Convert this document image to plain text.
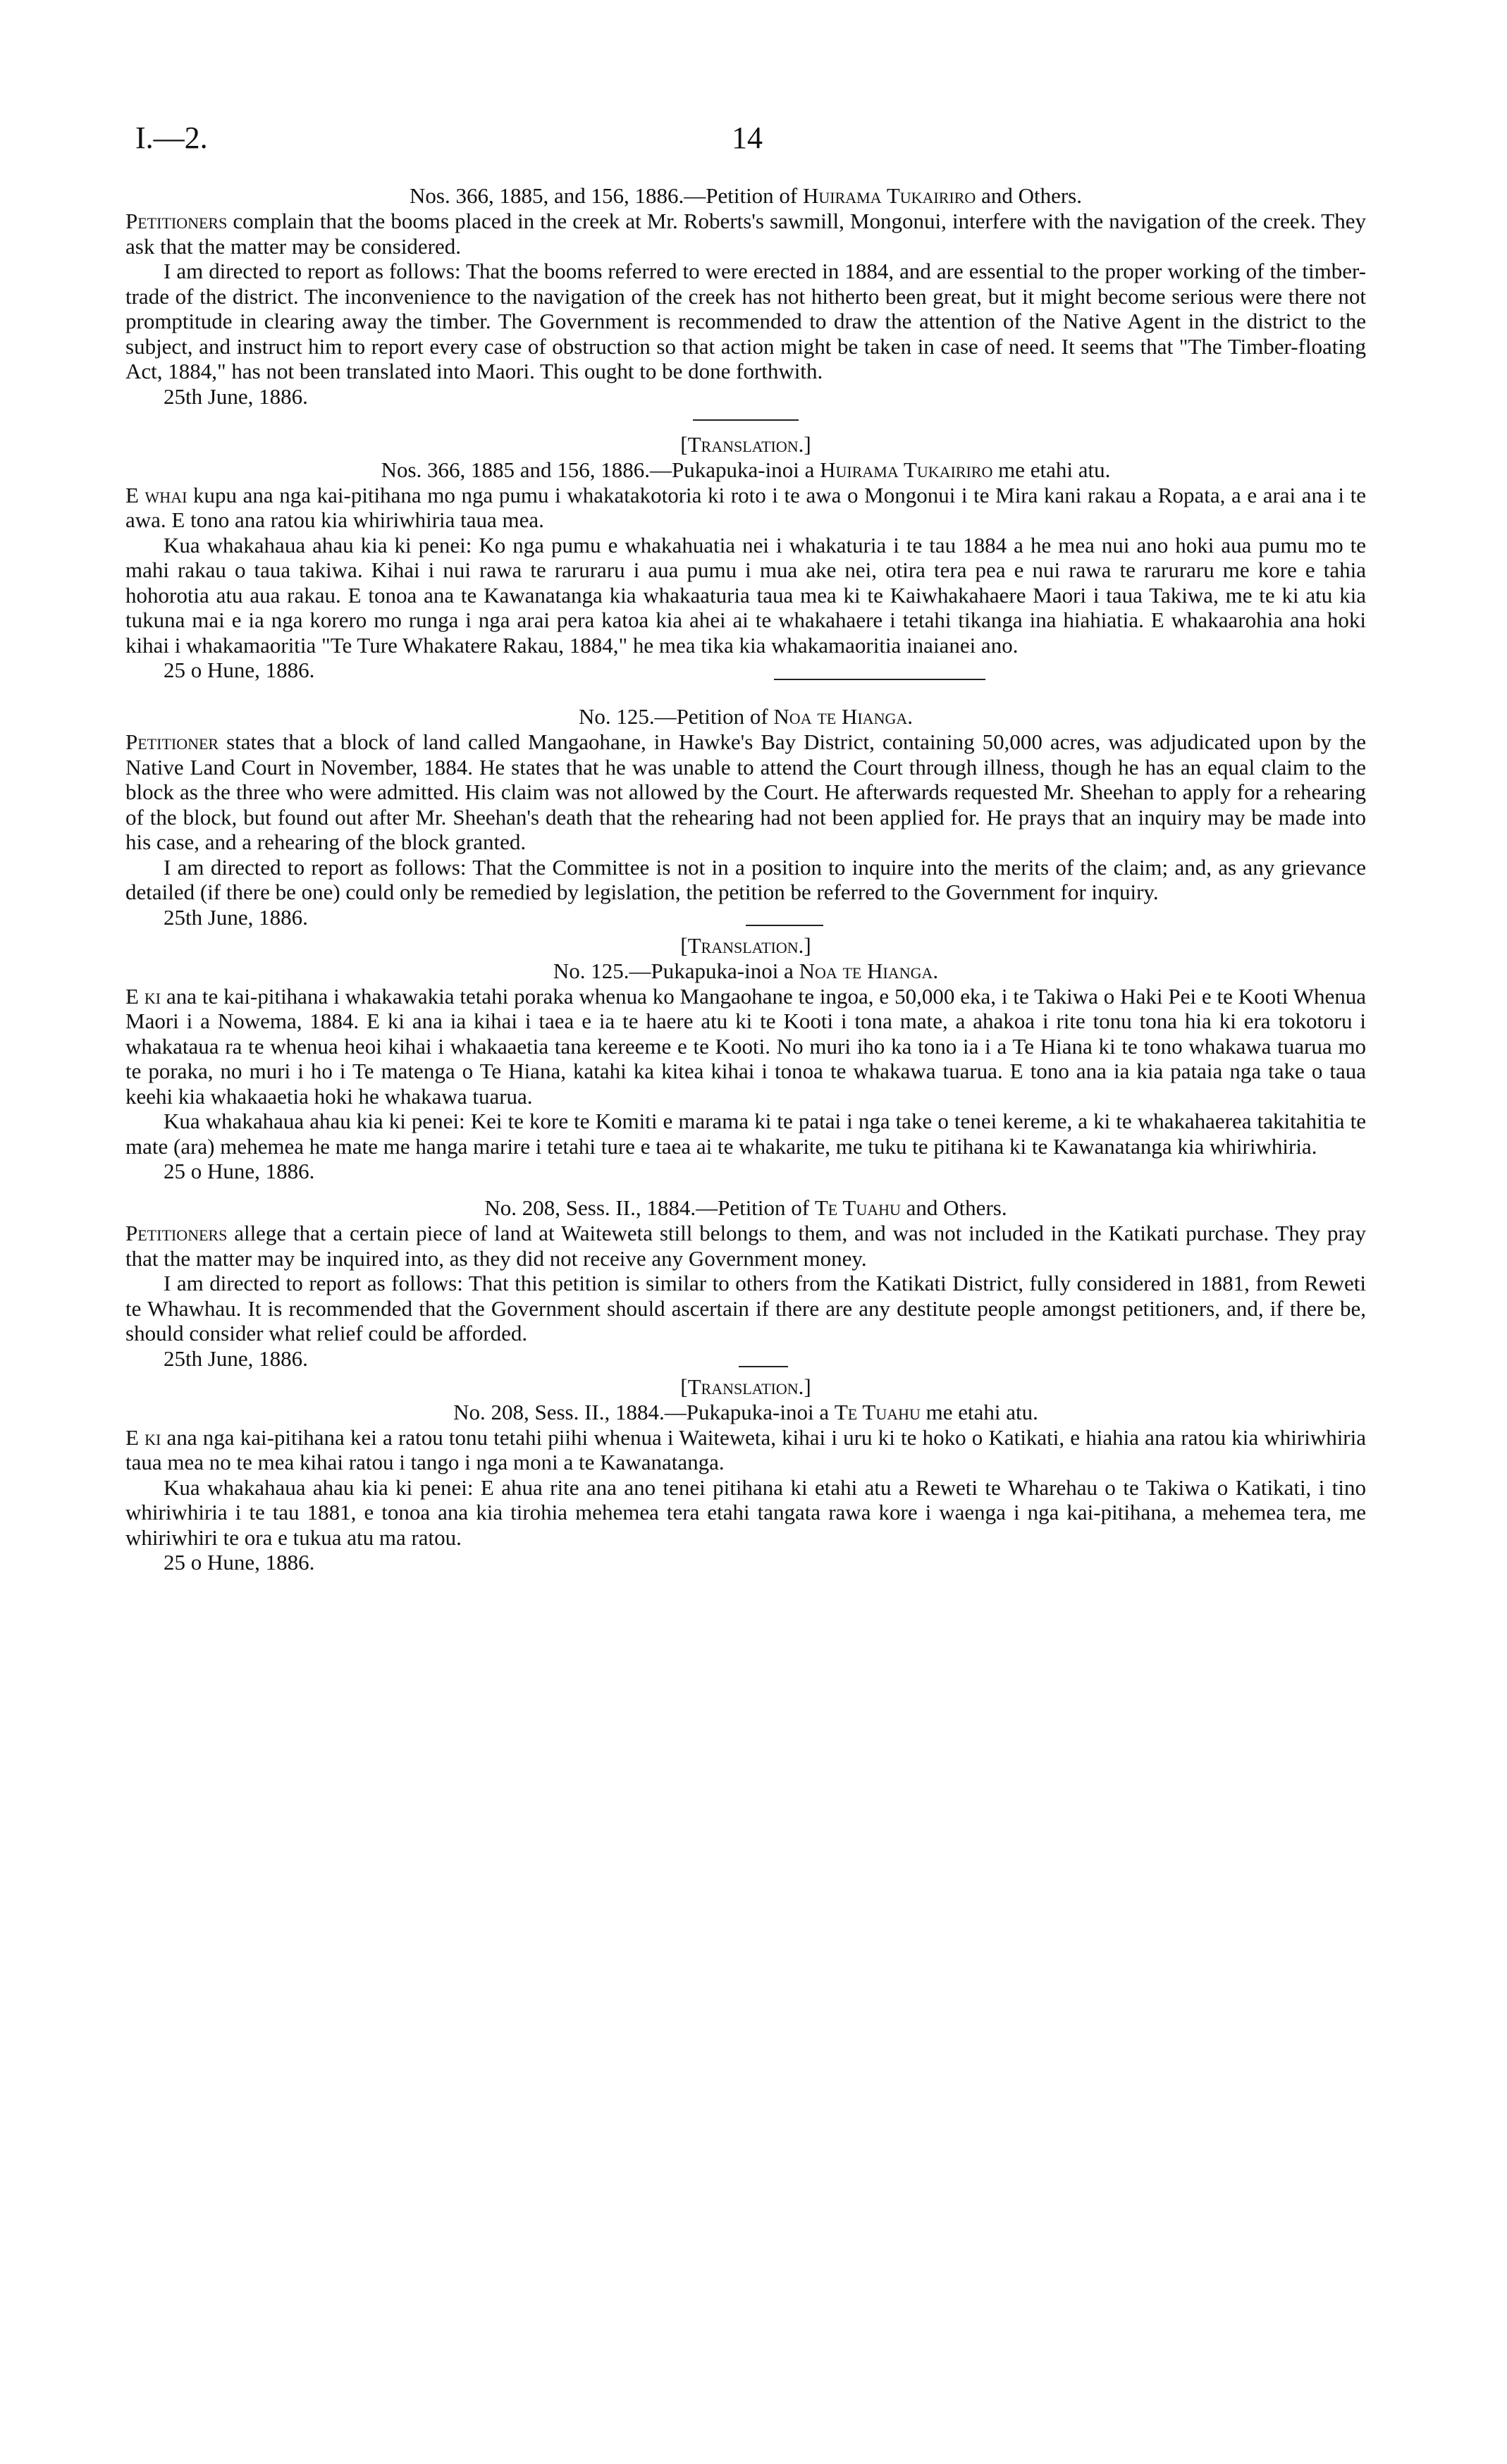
I.—2.	14
Nos. 366, 1885, and 156, 1886.—Petition of Huirama Tukairiro and Others.

Petitioners complain that the booms placed in the creek at Mr. Roberts's sawmill, Mongonui, interfere with the navigation of the creek. They ask that the matter may be considered.

I am directed to report as follows: That the booms referred to were erected in 1884, and are essential to the proper working of the timber-trade of the district. The inconvenience to the navigation of the creek has not hitherto been great, but it might become serious were there not promptitude in clearing away the timber. The Government is recommended to draw the attention of the Native Agent in the district to the subject, and instruct him to report every case of obstruction so that action might be taken in case of need. It seems that "The Timber-floating Act, 1884," has not been translated into Maori. This ought to be done forthwith.

25th June, 1886.
[Translation.]
Nos. 366, 1885 and 156, 1886.—Pukapuka-inoi a Huirama Tukairiro me etahi atu.

E whai kupu ana nga kai-pitihana mo nga pumu i whakatakotoria ki roto i te awa o Mongonui i te Mira kani rakau a Ropata, a e arai ana i te awa. E tono ana ratou kia whiriwhiria taua mea.

Kua whakahaua ahau kia ki penei: Ko nga pumu e whakahuatia nei i whakaturia i te tau 1884 a he mea nui ano hoki aua pumu mo te mahi rakau o taua takiwa. Kihai i nui rawa te raruraru i aua pumu i mua ake nei, otira tera pea e nui rawa te raruraru me kore e tahia hohorotia atu aua rakau. E tonoa ana te Kawanatanga kia whakaaturia taua mea ki te Kaiwhakahaere Maori i taua Takiwa, me te ki atu kia tukuna mai e ia nga korero mo runga i nga arai pera katoa kia ahei ai te whakahaere i tetahi tikanga ina hiahiatia. E whakaarohia ana hoki kihai i whakamaoritia "Te Ture Whakatere Rakau, 1884," he mea tika kia whakamaoritia inaianei ano.

25 o Hune, 1886.
No. 125.—Petition of Noa te Hianga.

Petitioner states that a block of land called Mangaohane, in Hawke's Bay District, containing 50,000 acres, was adjudicated upon by the Native Land Court in November, 1884. He states that he was unable to attend the Court through illness, though he has an equal claim to the block as the three who were admitted. His claim was not allowed by the Court. He afterwards requested Mr. Sheehan to apply for a rehearing of the block, but found out after Mr. Sheehan's death that the rehearing had not been applied for. He prays that an inquiry may be made into his case, and a rehearing of the block granted.

I am directed to report as follows: That the Committee is not in a position to inquire into the merits of the claim; and, as any grievance detailed (if there be one) could only be remedied by legislation, the petition be referred to the Government for inquiry.

25th June, 1886.
[Translation.]
No. 125.—Pukapuka-inoi a Noa te Hianga.

E ki ana te kai-pitihana i whakawakia tetahi poraka whenua ko Mangaohane te ingoa, e 50,000 eka, i te Takiwa o Haki Pei e te Kooti Whenua Maori i a Nowema, 1884. E ki ana ia kihai i taea e ia te haere atu ki te Kooti i tona mate, a ahakoa i rite tonu tona hia ki era tokotoru i whakataua ra te whenua heoi kihai i whakaaetia tana kereeme e te Kooti. No muri iho ka tono ia i a Te Hiana ki te tono whakawa tuarua mo te poraka, no muri i ho i Te matenga o Te Hiana, katahi ka kitea kihai i tonoa te whakawa tuarua. E tono ana ia kia pataia nga take o taua keehi kia whakaaetia hoki he whakawa tuarua.

Kua whakahaua ahau kia ki penei: Kei te kore te Komiti e marama ki te patai i nga take o tenei kereme, a ki te whakahaerea takitahitia te mate (ara) mehemea he mate me hanga marire i tetahi ture e taea ai te whakarite, me tuku te pitihana ki te Kawanatanga kia whiriwhiria.

25 o Hune, 1886.
No. 208, Sess. II., 1884.—Petition of Te Tuahu and Others.

Petitioners allege that a certain piece of land at Waiteweta still belongs to them, and was not included in the Katikati purchase. They pray that the matter may be inquired into, as they did not receive any Government money.

I am directed to report as follows: That this petition is similar to others from the Katikati District, fully considered in 1881, from Reweti te Whawhau. It is recommended that the Government should ascertain if there are any destitute people amongst petitioners, and, if there be, should consider what relief could be afforded.

25th June, 1886.
[Translation.]
No. 208, Sess. II., 1884.—Pukapuka-inoi a Te Tuahu me etahi atu.

E ki ana nga kai-pitihana kei a ratou tonu tetahi piihi whenua i Waiteweta, kihai i uru ki te hoko o Katikati, e hiahia ana ratou kia whiriwhiria taua mea no te mea kihai ratou i tango i nga moni a te Kawanatanga.

Kua whakahaua ahau kia ki penei: E ahua rite ana ano tenei pitihana ki etahi atu a Reweti te Wharehau o te Takiwa o Katikati, i tino whiriwhiria i te tau 1881, e tonoa ana kia tirohia mehemea tera etahi tangata rawa kore i waenga i nga kai-pitihana, a mehemea tera, me whiriwhiri te ora e tukua atu ma ratou.

25 o Hune, 1886.
